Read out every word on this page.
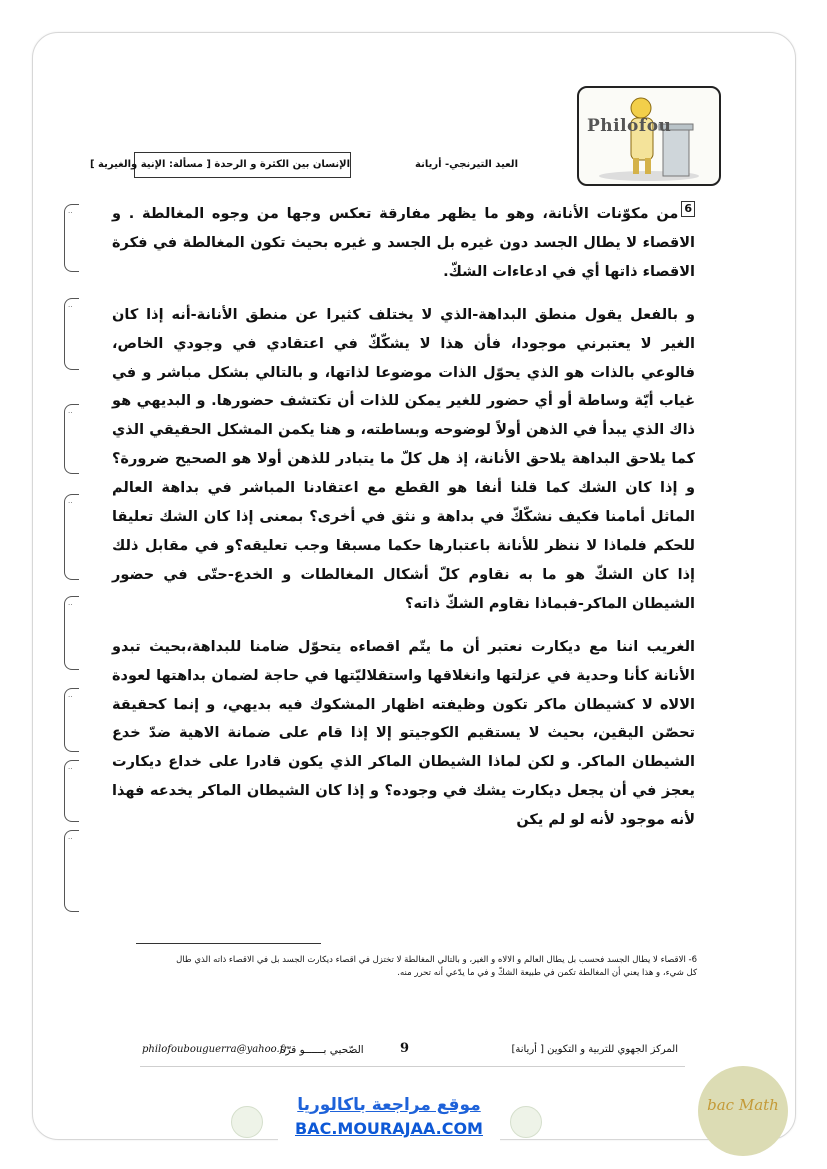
Philofou
الإنسان بين الكثرة و الرحدة [ مسألة: الإنية والغيرية ]	العيد التيرنجي- أريانة
..
..
..
..
..
..
..
..

6من مكوّنات الأنانة، وهو ما يظهر مفارقة تعكس وجها من وجوه المغالطة . و الاقصاء لا يطال الجسد دون غيره بل الجسد و غيره بحيث تكون المغالطة في فكرة الاقصاء ذاتها أي في ادعاءات الشكّ.

و بالفعل يقول منطق البداهة-الذي لا يختلف كثيرا عن منطق الأنانة-أنه إذا كان الغير لا يعتبرني موجودا، فأن هذا لا يشكّكّ في اعتقادي في وجودي الخاص، فالوعي بالذات هو الذي يحوّل الذات موضوعا لذاتها، و بالتالي بشكل مباشر و في غياب أيّة وساطة أو أي حضور للغير يمكن للذات أن تكتشف حضورها. و البديهي هو ذاك الذي يبدأ في الذهن أولاً لوضوحه وبساطته، و هنا يكمن المشكل الحقيقي الذي كما يلاحق البداهة يلاحق الأنانة، إذ هل كلّ ما يتبادر للذهن أولا هو الصحيح ضرورة؟ و إذا كان الشك كما قلنا أنفا هو القطع مع اعتقادنا المباشر في بداهة العالم الماثل أمامنا فكيف نشكّكّ في بداهة و نثق في أخرى؟ بمعنى إذا كان الشك تعليقا للحكم فلماذا لا ننظر للأنانة باعتبارها حكما مسبقا وجب تعليقه؟و في مقابل ذلك إذا كان الشكّ هو ما به نقاوم كلّ أشكال المغالطات و الخدع-حتّى في حضور الشيطان الماكر-فبماذا نقاوم الشكّ ذاته؟

الغريب اننا مع ديكارت نعتبر أن ما يتّم اقصاءه يتحوّل ضامنا للبداهة،بحيث تبدو الأنانة كأنا وحدية في عزلتها وانغلاقها واستقلاليّتها في حاجة لضمان بداهتها لعودة الالاه لا كشيطان ماكر تكون وظيفته اظهار المشكوك فيه بديهي، و إنما كحقيقة تحصّن اليقين، بحيث لا يستقيم الكوجيتو إلا إذا قام على ضمانة الاهية ضدّ خدع الشيطان الماكر. و لكن لماذا الشيطان الماكر الذي يكون قادرا على خداع ديكارت يعجز في أن يجعل ديكارت يشك في وجوده؟ و إذا كان الشيطان الماكر يخدعه فهذا لأنه موجود لأنه لو لم يكن

6- الاقصاء لا يطال الجسد فحسب بل يطال العالم و الالاه و الغير، و بالتالي المغالطة لا تختزل في اقصاء ديكارت الجسد بل في الاقصاء ذاته الذي طال كل شيء، و هذا يعني أن المغالطة تكمن في طبيعة الشكّ و في ما يدّعي أنه تحرر منه.
philofoubouguerra@yahoo.fr
الصّحبي بــــــو قرّة	9	المركز الجهوي للتربية و التكوين [ أريانة]
bac Math
موقع مراجعة باكالوريا
BAC.MOURAJAA.COM
